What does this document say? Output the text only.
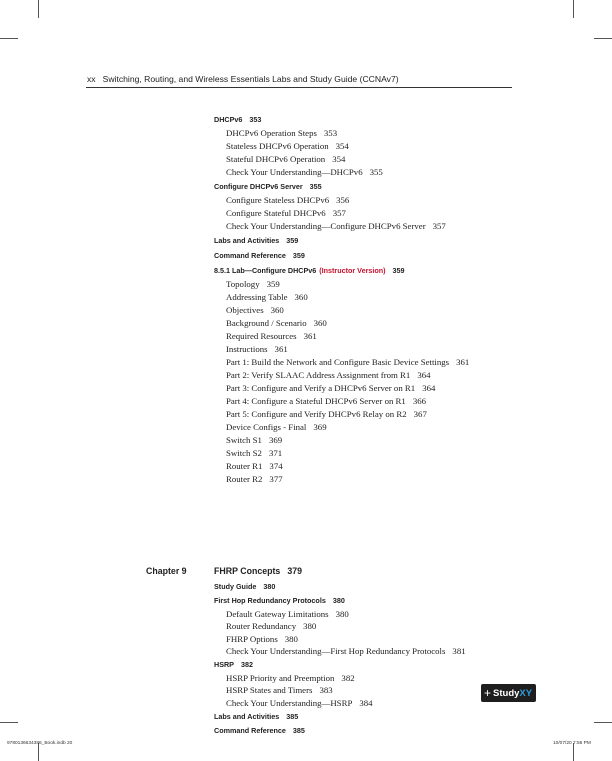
xx Switching, Routing, and Wireless Essentials Labs and Study Guide (CCNAv7)
DHCPv6 353
DHCPv6 Operation Steps 353
Stateless DHCPv6 Operation 354
Stateful DHCPv6 Operation 354
Check Your Understanding—DHCPv6 355
Configure DHCPv6 Server 355
Configure Stateless DHCPv6 356
Configure Stateful DHCPv6 357
Check Your Understanding—Configure DHCPv6 Server 357
Labs and Activities 359
Command Reference 359
8.5.1 Lab—Configure DHCPv6 (Instructor Version) 359
Topology 359
Addressing Table 360
Objectives 360
Background / Scenario 360
Required Resources 361
Instructions 361
Part 1: Build the Network and Configure Basic Device Settings 361
Part 2: Verify SLAAC Address Assignment from R1 364
Part 3: Configure and Verify a DHCPv6 Server on R1 364
Part 4: Configure a Stateful DHCPv6 Server on R1 366
Part 5: Configure and Verify DHCPv6 Relay on R2 367
Device Configs - Final 369
Switch S1 369
Switch S2 371
Router R1 374
Router R2 377
Chapter 9	FHRP Concepts 379
Study Guide 380
First Hop Redundancy Protocols 380
Default Gateway Limitations 380
Router Redundancy 380
FHRP Options 380
Check Your Understanding—First Hop Redundancy Protocols 381
HSRP 382
HSRP Priority and Preemption 382
HSRP States and Timers 383
Check Your Understanding—HSRP 384
Labs and Activities 385
Command Reference 385
+ Study XY
9780136634386_Book.indb 20	10/07/20 7:56 PM
